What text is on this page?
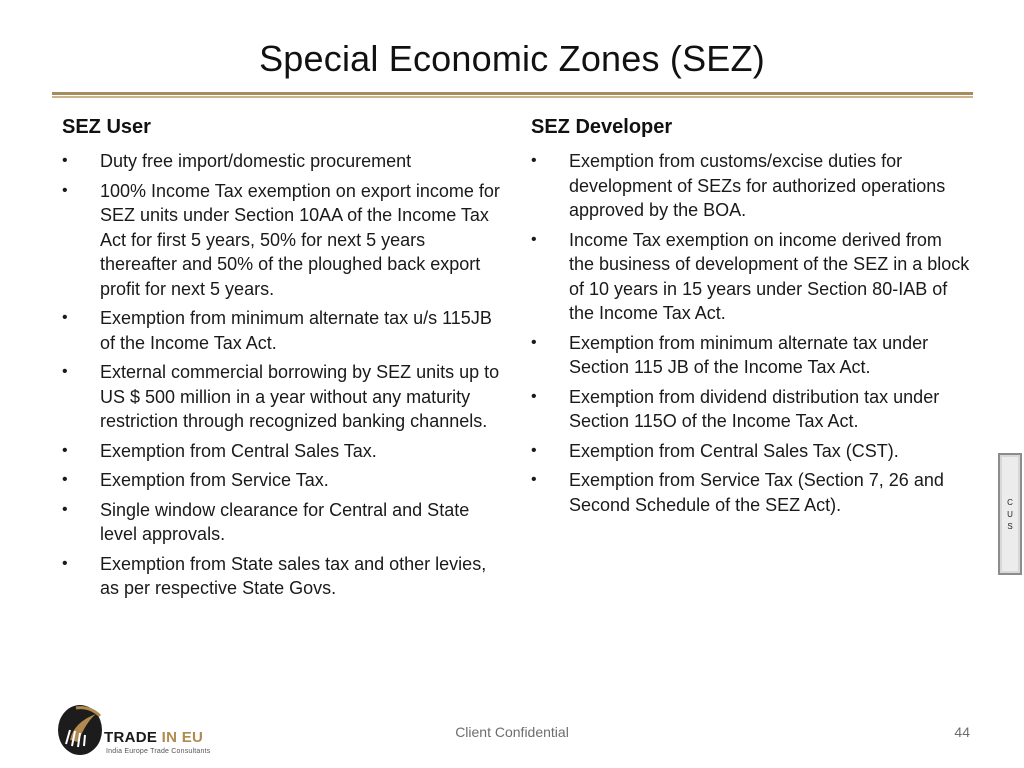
Special Economic Zones (SEZ)
SEZ User
• Duty free import/domestic procurement
• 100% Income Tax exemption on export income for SEZ units under Section 10AA of the Income Tax Act for first 5 years, 50% for next 5 years thereafter and 50% of the ploughed back export profit for next 5 years.
• Exemption from minimum alternate tax u/s 115JB of the Income Tax Act.
• External commercial borrowing by SEZ units up to US $ 500 million in a year without any maturity restriction through recognized banking channels.
• Exemption from Central Sales Tax.
• Exemption from Service Tax.
• Single window clearance for Central and State level approvals.
• Exemption from State sales tax and other levies, as per respective State Govs.
SEZ Developer
• Exemption from customs/excise duties for development of SEZs for authorized operations approved by the BOA.
• Income Tax exemption on income derived from the business of development of the SEZ in a block of 10 years in 15 years under Section 80-IAB of the Income Tax Act.
• Exemption from minimum alternate tax under Section 115 JB of the Income Tax Act.
• Exemption from dividend distribution tax under Section 115O of the Income Tax Act.
• Exemption from Central Sales Tax (CST).
• Exemption from Service Tax (Section 7, 26 and Second Schedule of the SEZ Act).	C
U
S
TRADE IN EU
India Europe Trade Consultants
Client Confidential	44
